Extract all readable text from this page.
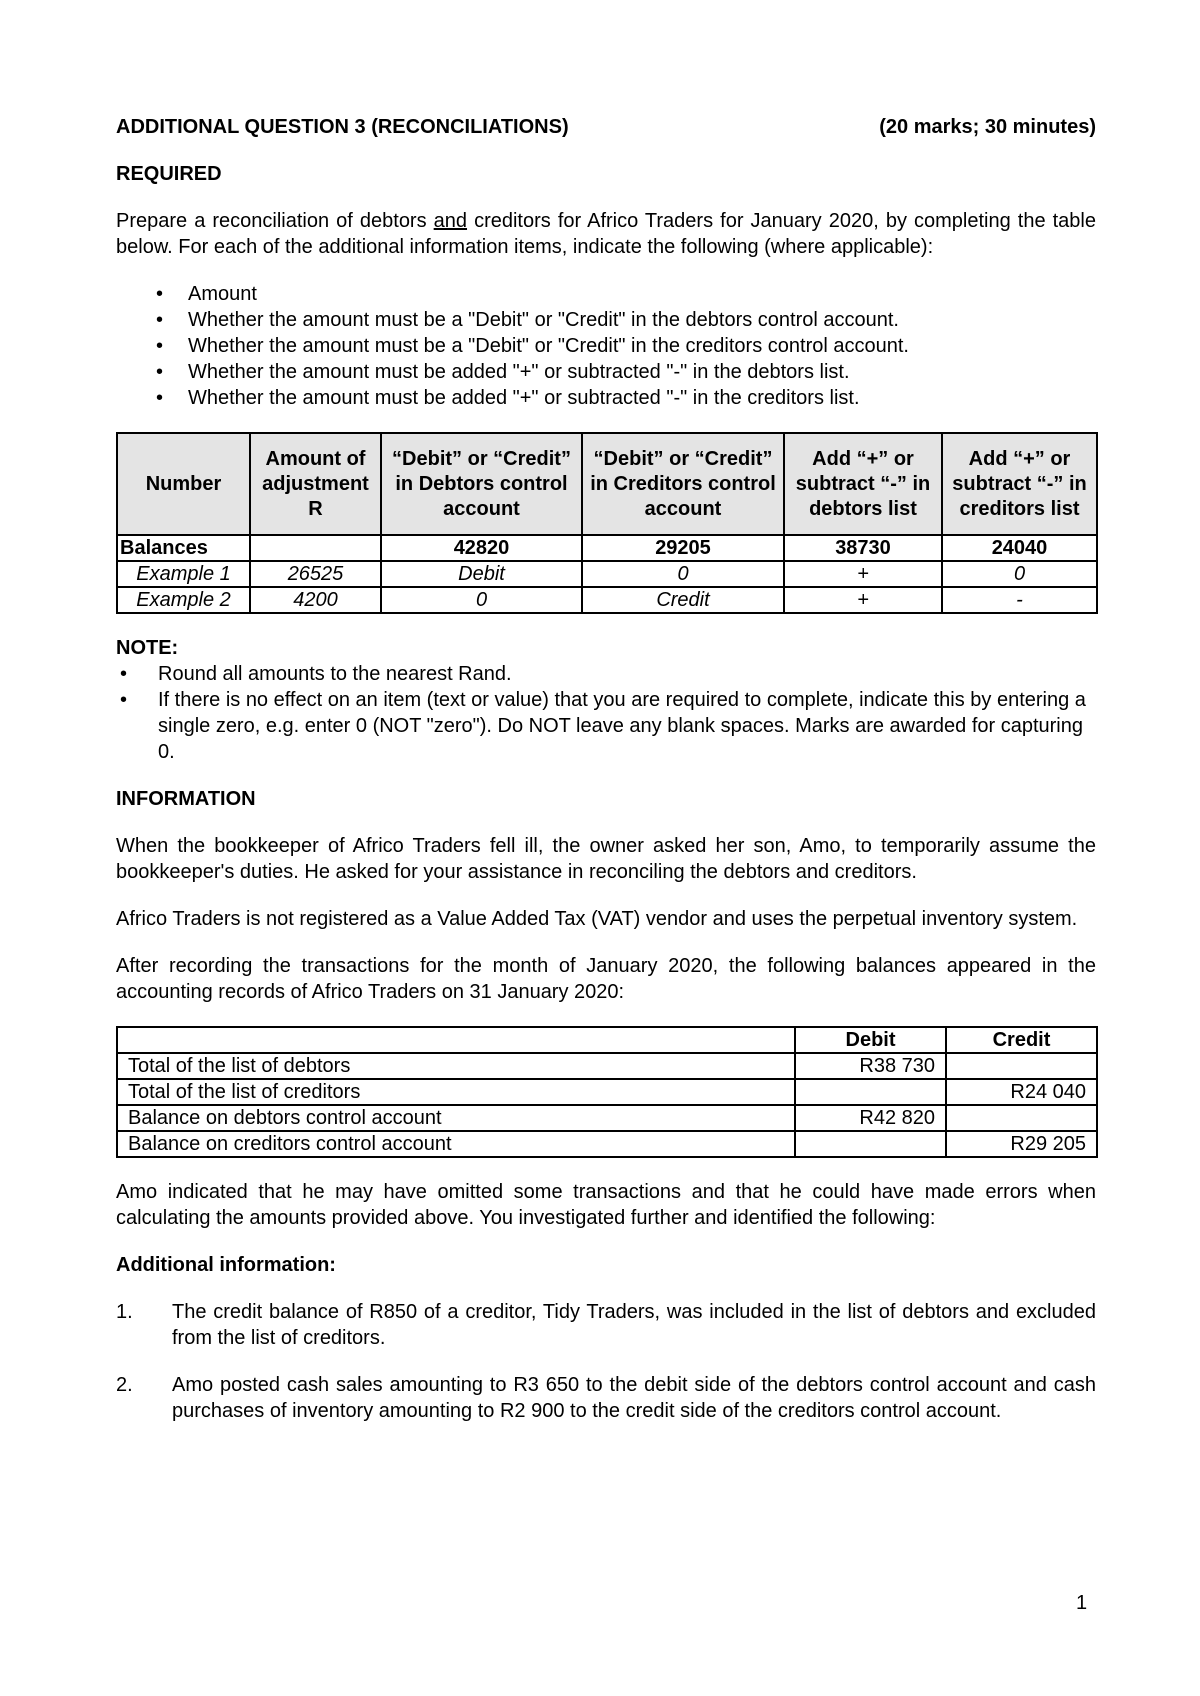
ADDITIONAL QUESTION 3 (RECONCILIATIONS)	(20 marks; 30 minutes)
REQUIRED

Prepare a reconciliation of debtors and creditors for Africo Traders for January 2020, by completing the table below. For each of the additional information items, indicate the following (where applicable):

• Amount
• Whether the amount must be a "Debit" or "Credit" in the debtors control account.
• Whether the amount must be a "Debit" or "Credit" in the creditors control account.
• Whether the amount must be added "+" or subtracted "-" in the debtors list.
• Whether the amount must be added "+" or subtracted "-" in the creditors list.
Number	Amount of adjustment R	“Debit” or “Credit” in Debtors control account	“Debit” or “Credit” in Creditors control account	Add “+” or subtract “-” in debtors list	Add “+” or subtract “-” in creditors list
Balances		42820	29205	38730	24040
Example 1	26525	Debit	0	+	0
Example 2	4200	0	Credit	+	-
NOTE:
• Round all amounts to the nearest Rand.
• If there is no effect on an item (text or value) that you are required to complete, indicate this by entering a single zero, e.g. enter 0 (NOT "zero"). Do NOT leave any blank spaces. Marks are awarded for capturing 0.
INFORMATION

When the bookkeeper of Africo Traders fell ill, the owner asked her son, Amo, to temporarily assume the bookkeeper's duties. He asked for your assistance in reconciling the debtors and creditors.

Africo Traders is not registered as a Value Added Tax (VAT) vendor and uses the perpetual inventory system.

After recording the transactions for the month of January 2020, the following balances appeared in the accounting records of Africo Traders on 31 January 2020:

	Debit	Credit
Total of the list of debtors	R38 730	
Total of the list of creditors		R24 040
Balance on debtors control account	R42 820	
Balance on creditors control account		R29 205

Amo indicated that he may have omitted some transactions and that he could have made errors when calculating the amounts provided above. You investigated further and identified the following:

Additional information:
1. The credit balance of R850 of a creditor, Tidy Traders, was included in the list of debtors and excluded from the list of creditors.
2. Amo posted cash sales amounting to R3 650 to the debit side of the debtors control account and cash purchases of inventory amounting to R2 900 to the credit side of the creditors control account.
1
